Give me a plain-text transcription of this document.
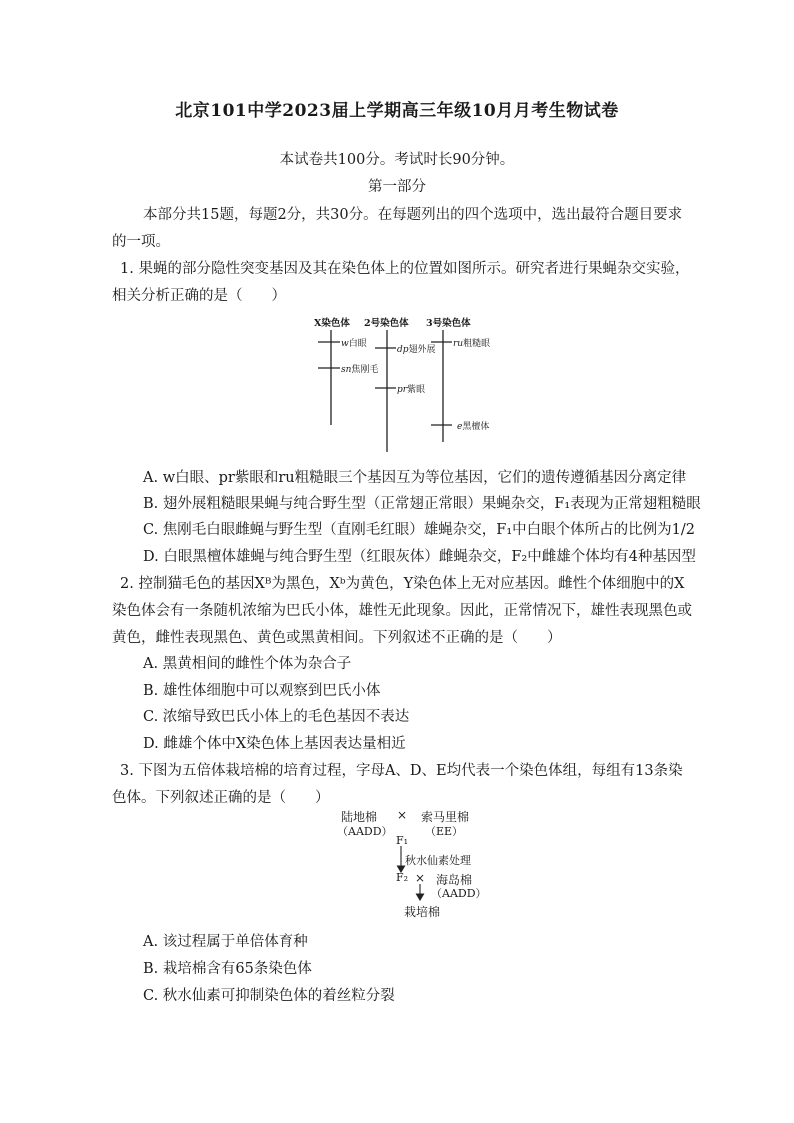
北京101中学2023届上学期高三年级10月月考生物试卷
本试卷共100分。考试时长90分钟。
第一部分
本部分共15题，每题2分，共30分。在每题列出的四个选项中，选出最符合题目要求
的一项。
1. 果蝇的部分隐性突变基因及其在染色体上的位置如图所示。研究者进行果蝇杂交实验，
相关分析正确的是（　　）
X染色体 2号染色体 3号染色体
w白眼
sn焦刚毛
dp翅外展
pr紫眼
ru粗糙眼
e黑檀体
A. w白眼、pr紫眼和ru粗糙眼三个基因互为等位基因，它们的遗传遵循基因分离定律
B. 翅外展粗糙眼果蝇与纯合野生型（正常翅正常眼）果蝇杂交，F₁表现为正常翅粗糙眼
C. 焦刚毛白眼雌蝇与野生型（直刚毛红眼）雄蝇杂交，F₁中白眼个体所占的比例为1/2
D. 白眼黑檀体雄蝇与纯合野生型（红眼灰体）雌蝇杂交，F₂中雌雄个体均有4种基因型
2. 控制猫毛色的基因Xᴮ为黑色，Xᵇ为黄色，Y染色体上无对应基因。雌性个体细胞中的X
染色体会有一条随机浓缩为巴氏小体，雄性无此现象。因此，正常情况下，雄性表现黑色或
黄色，雌性表现黑色、黄色或黑黄相间。下列叙述不正确的是（　　）
A. 黑黄相间的雌性个体为杂合子
B. 雄性体细胞中可以观察到巴氏小体
C. 浓缩导致巴氏小体上的毛色基因不表达
D. 雌雄个体中X染色体上基因表达量相近
3. 下图为五倍体栽培棉的培育过程，字母A、D、E均代表一个染色体组，每组有13条染
色体。下列叙述正确的是（　　）
陆地棉
（AADD）
× 索马里棉
（EE）
F₁
秋水仙素处理
F₂ × 海岛棉
（AADD）
栽培棉
A. 该过程属于单倍体育种
B. 栽培棉含有65条染色体
C. 秋水仙素可抑制染色体的着丝粒分裂
